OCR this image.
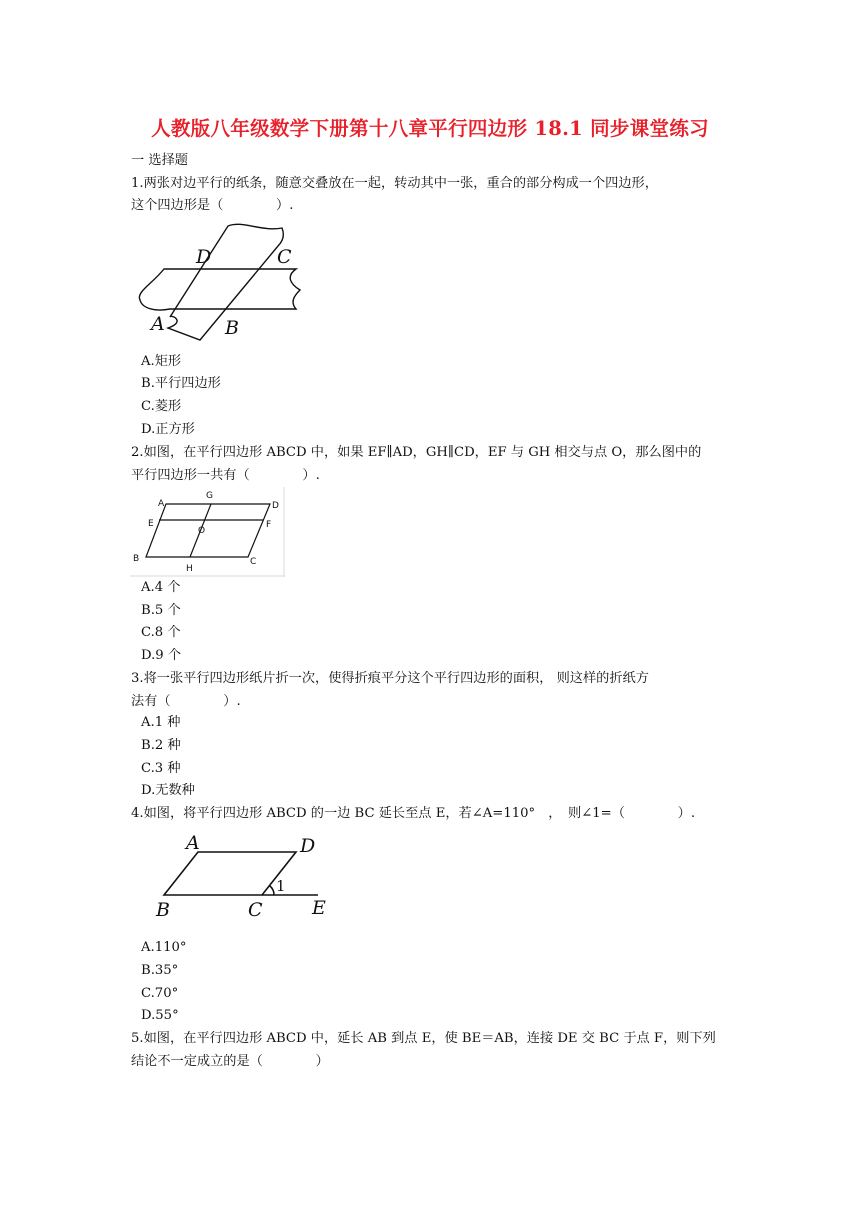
人教版八年级数学下册第十八章平行四边形 18.1 同步课堂练习
一 选择题
1.两张对边平行的纸条，随意交叠放在一起，转动其中一张，重合的部分构成一个四边形，
这个四边形是（　　　　）.
D	C
A	B
A.矩形
B.平行四边形
C.菱形
D.正方形
2.如图，在平行四边形 ABCD 中，如果 EF∥AD，GH∥CD，EF 与 GH 相交与点 O，那么图中的
平行四边形一共有（　　　　）.
A
G
D
E
O
F
B
H
C
A.4 个
B.5 个
C.8 个
D.9 个
3.将一张平行四边形纸片折一次，使得折痕平分这个平行四边形的面积， 则这样的折纸方
法有（　　　　）.
A.1 种
B.2 种
C.3 种
D.无数种
4.如图，将平行四边形 ABCD 的一边 BC 延长至点 E，若∠A=110°　，　则∠1=（　　　　）.
A	D
1
B	C	E
A.110°
B.35°
C.70°
D.55°
5.如图，在平行四边形 ABCD 中，延长 AB 到点 E，使 BE＝AB，连接 DE 交 BC 于点 F，则下列
结论不一定成立的是（　　　　）
